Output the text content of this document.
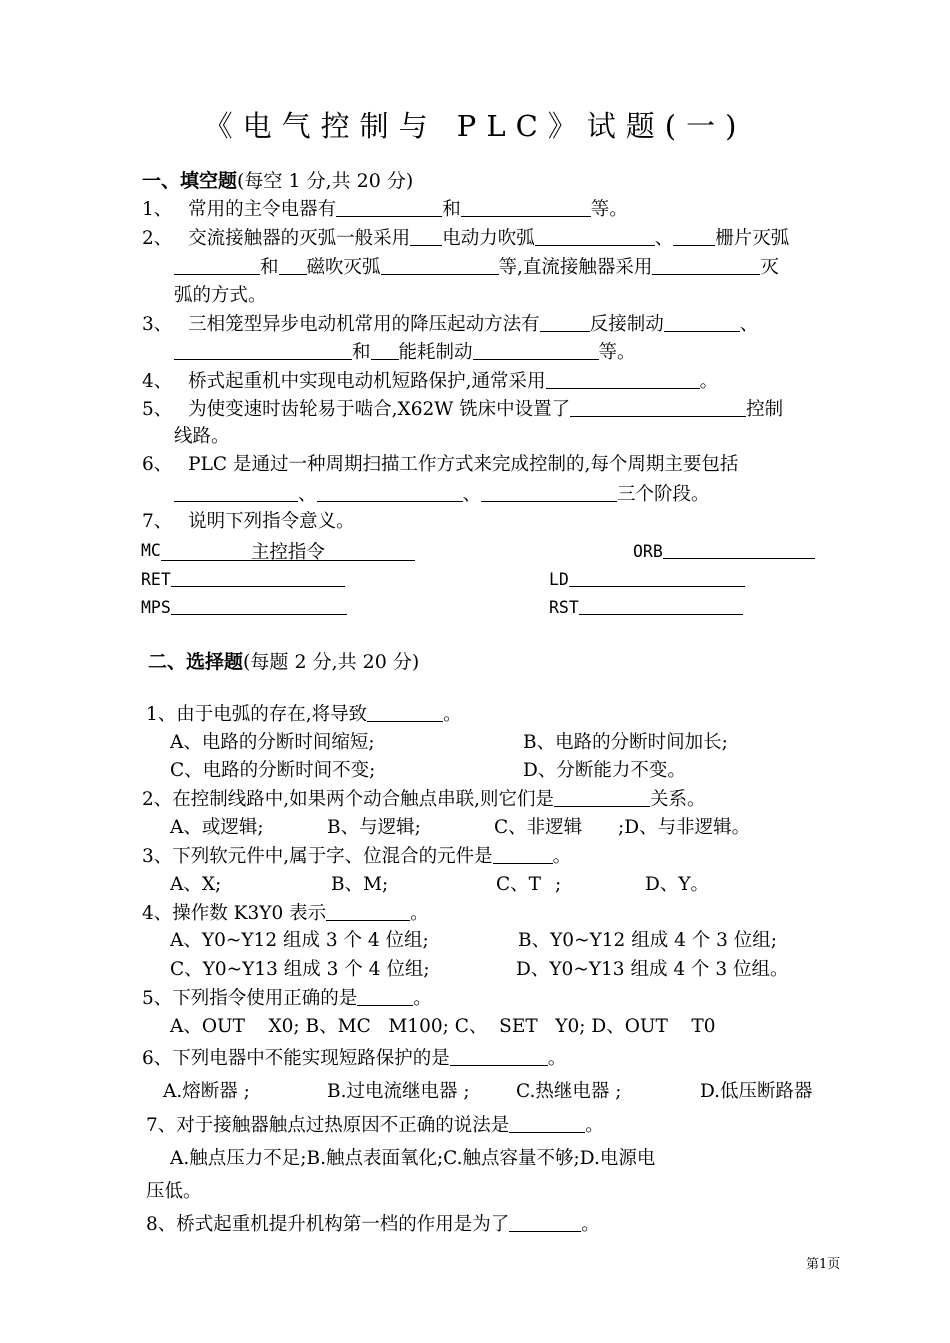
《电气控制与 PLC》试题(一)
一、填空题(每空 1 分,共 20 分)
1、 常用的主令电器有	和	等。
2、 交流接触器的灭弧一般采用 电动力吹弧	、 栅片灭弧
和 磁吹灭弧	等,直流接触器采用	灭
弧的方式。
3、 三相笼型异步电动机常用的降压起动方法有	反接制动	、
和 能耗制动	等。
4、 桥式起重机中实现电动机短路保护,通常采用	。
5、 为使变速时齿轮易于啮合,X62W 铣床中设置了	控制
线路。
6、 PLC 是通过一种周期扫描工作方式来完成控制的,每个周期主要包括
、	、	三个阶段。
7、 说明下列指令意义。
MC	主控指令	ORB
RET	LD
MPS	RST
二、选择题(每题 2 分,共 20 分)
1、由于电弧的存在,将导致	。
A、电路的分断时间缩短;	B、电路的分断时间加长;
C、电路的分断时间不变;	D、分断能力不变。
2、在控制线路中,如果两个动合触点串联,则它们是	关系。
A、或逻辑;	B、与逻辑;	C、非逻辑 ;D、与非逻辑。
3、下列软元件中,属于字、位混合的元件是	。
A、X;	B、M;	C、T ;	D、Y。
4、操作数 K3Y0 表示	。
A、Y0~Y12 组成 3 个 4 位组;	B、Y0~Y12 组成 4 个 3 位组;
C、Y0~Y13 组成 3 个 4 位组;	D、Y0~Y13 组成 4 个 3 位组。
5、下列指令使用正确的是	。
A、OUT    X0; B、MC   M100; C、  SET   Y0; D、OUT    T0
6、下列电器中不能实现短路保护的是	。
A.熔断器 ;	B.过电流继电器 ;	C.热继电器 ;	D.低压断路器
7、对于接触器触点过热原因不正确的说法是	。
A.触点压力不足;B.触点表面氧化;C.触点容量不够;D.电源电
压低。
8、桥式起重机提升机构第一档的作用是为了	。
第1页
